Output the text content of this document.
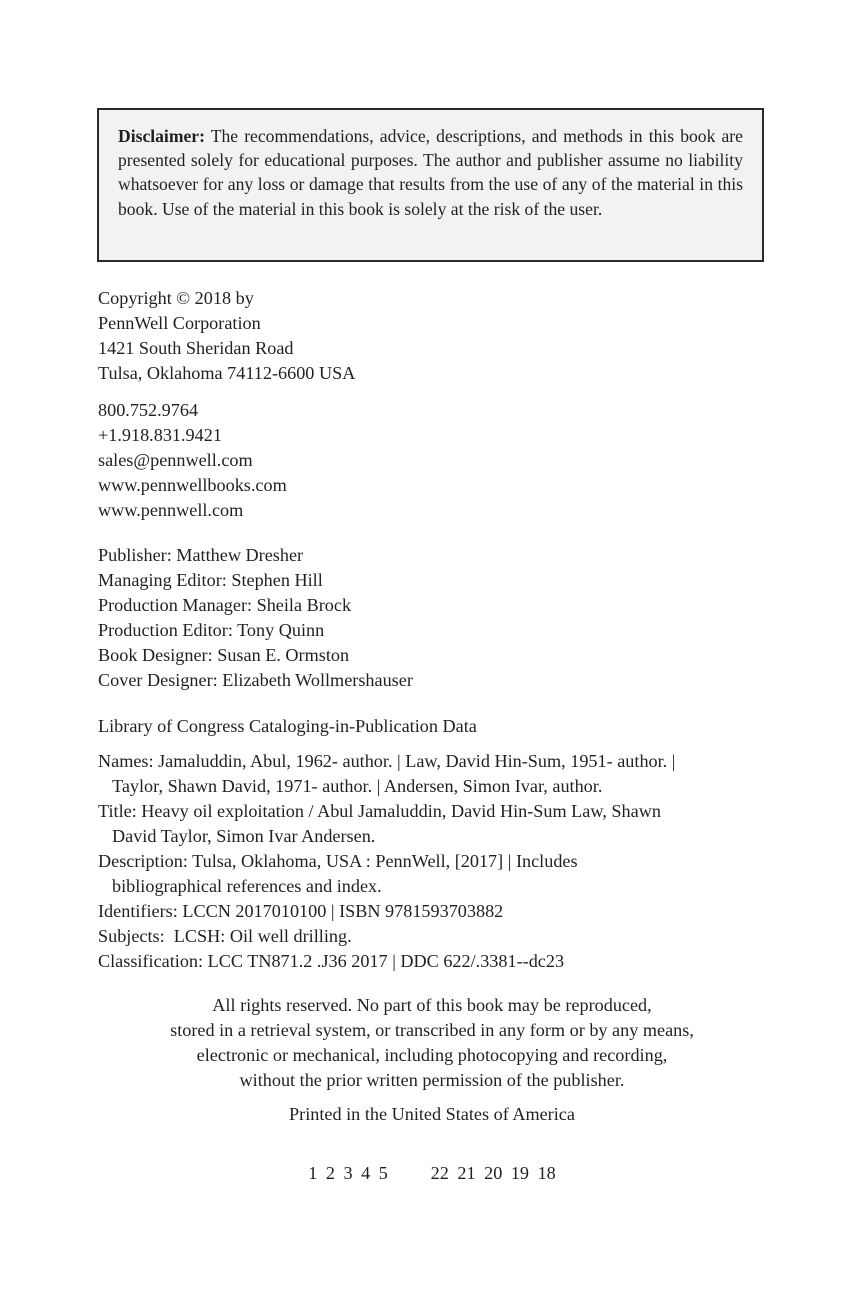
Disclaimer: The recommendations, advice, descriptions, and methods in this book are presented solely for educational purposes. The author and publisher assume no liability whatsoever for any loss or damage that results from the use of any of the material in this book. Use of the material in this book is solely at the risk of the user.
Copyright © 2018 by
PennWell Corporation
1421 South Sheridan Road
Tulsa, Oklahoma 74112-6600 USA
800.752.9764
+1.918.831.9421
sales@pennwell.com
www.pennwellbooks.com
www.pennwell.com
Publisher: Matthew Dresher
Managing Editor: Stephen Hill
Production Manager: Sheila Brock
Production Editor: Tony Quinn
Book Designer: Susan E. Ormston
Cover Designer: Elizabeth Wollmershauser
Library of Congress Cataloging-in-Publication Data
Names: Jamaluddin, Abul, 1962- author. | Law, David Hin-Sum, 1951- author. |
Taylor, Shawn David, 1971- author. | Andersen, Simon Ivar, author.
Title: Heavy oil exploitation / Abul Jamaluddin, David Hin-Sum Law, Shawn
David Taylor, Simon Ivar Andersen.
Description: Tulsa, Oklahoma, USA : PennWell, [2017] | Includes
bibliographical references and index.
Identifiers: LCCN 2017010100 | ISBN 9781593703882
Subjects:  LCSH: Oil well drilling.
Classification: LCC TN871.2 .J36 2017 | DDC 622/.3381--dc23
All rights reserved. No part of this book may be reproduced,
stored in a retrieval system, or transcribed in any form or by any means,
electronic or mechanical, including photocopying and recording,
without the prior written permission of the publisher.
Printed in the United States of America
1 2 3 4 5     22 21 20 19 18
